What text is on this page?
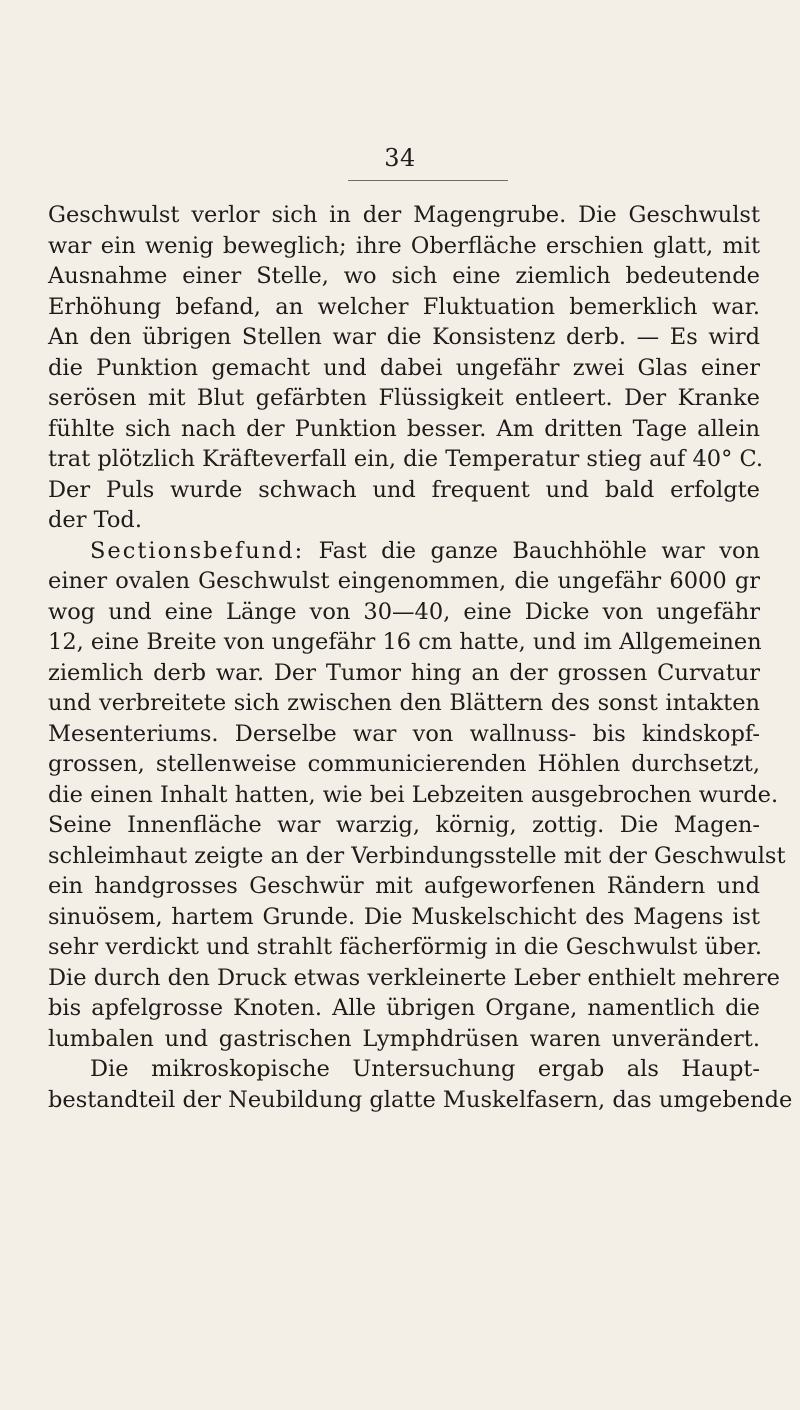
34
Geschwulst verlor sich in der Magengrube. Die Geschwulst
war ein wenig beweglich; ihre Oberfläche erschien glatt, mit
Ausnahme einer Stelle, wo sich eine ziemlich bedeutende
Erhöhung befand, an welcher Fluktuation bemerklich war.
An den übrigen Stellen war die Konsistenz derb. — Es wird
die Punktion gemacht und dabei ungefähr zwei Glas einer
serösen mit Blut gefärbten Flüssigkeit entleert. Der Kranke
fühlte sich nach der Punktion besser. Am dritten Tage allein
trat plötzlich Kräfteverfall ein, die Temperatur stieg auf 40° C.
Der Puls wurde schwach und frequent und bald erfolgte
der Tod.
Sectionsbefund: Fast die ganze Bauchhöhle war von
einer ovalen Geschwulst eingenommen, die ungefähr 6000 gr
wog und eine Länge von 30—40, eine Dicke von ungefähr
12, eine Breite von ungefähr 16 cm hatte, und im Allgemeinen
ziemlich derb war. Der Tumor hing an der grossen Curvatur
und verbreitete sich zwischen den Blättern des sonst intakten
Mesenteriums. Derselbe war von wallnuss- bis kindskopf-
grossen, stellenweise communicierenden Höhlen durchsetzt,
die einen Inhalt hatten, wie bei Lebzeiten ausgebrochen wurde.
Seine Innenfläche war warzig, körnig, zottig. Die Magen-
schleimhaut zeigte an der Verbindungsstelle mit der Geschwulst
ein handgrosses Geschwür mit aufgeworfenen Rändern und
sinuösem, hartem Grunde. Die Muskelschicht des Magens ist
sehr verdickt und strahlt fächerförmig in die Geschwulst über.
Die durch den Druck etwas verkleinerte Leber enthielt mehrere
bis apfelgrosse Knoten. Alle übrigen Organe, namentlich die
lumbalen und gastrischen Lymphdrüsen waren unverändert.
Die mikroskopische Untersuchung ergab als Haupt-
bestandteil der Neubildung glatte Muskelfasern, das umgebende
